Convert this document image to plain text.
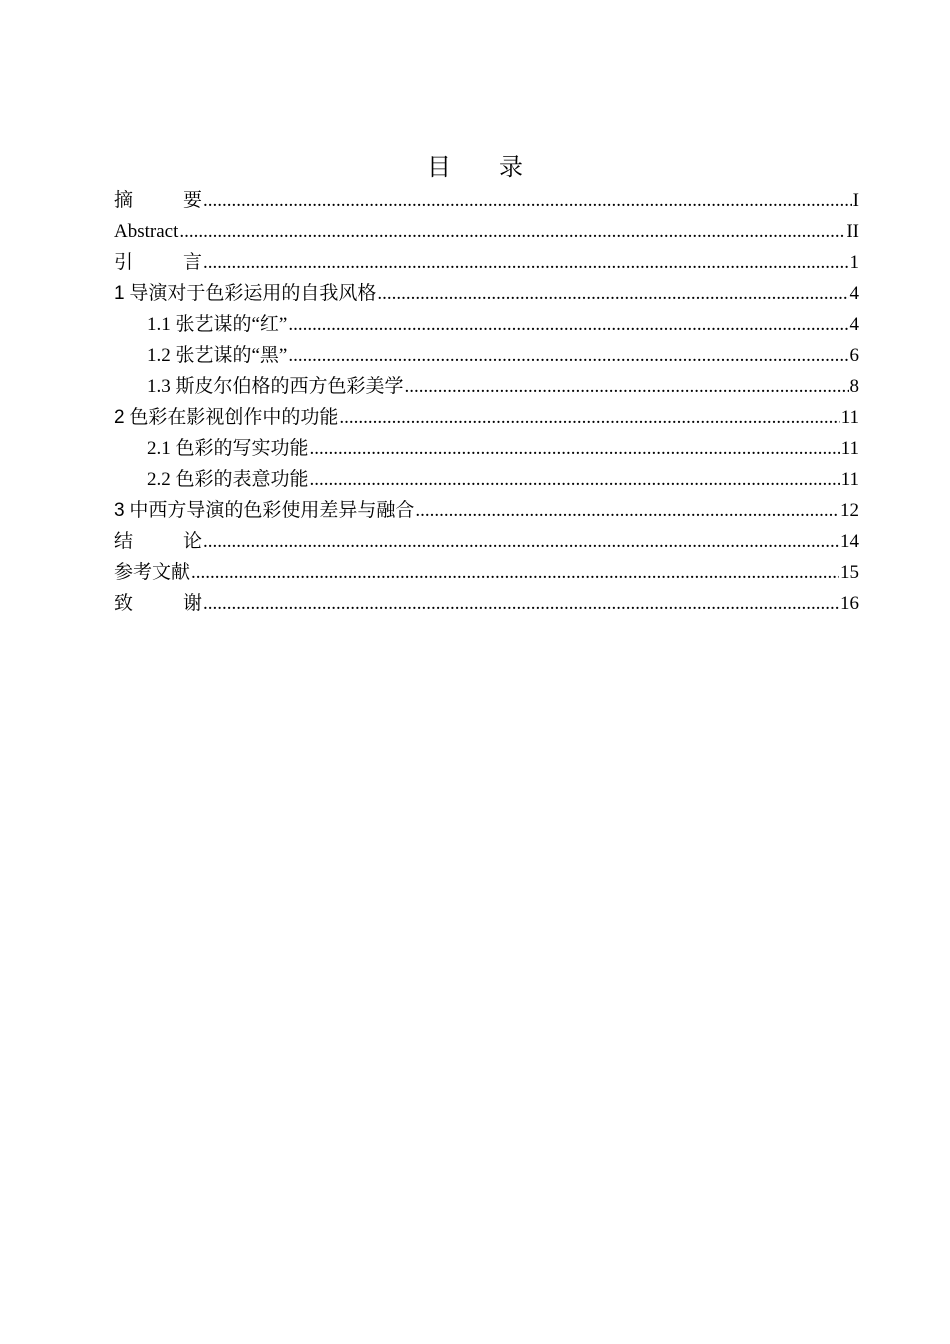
目 录
摘	要 .....	I
Abstract .....	II
引	言 .....	1
1 导演对于色彩运用的自我风格 .....	4
1.1 张艺谋的“红” .....	4
1.2 张艺谋的“黑” .....	6
1.3 斯皮尔伯格的西方色彩美学 .....	8
2 色彩在影视创作中的功能 .....	11
2.1 色彩的写实功能 .....	11
2.2 色彩的表意功能 .....	11
3 中西方导演的色彩使用差异与融合 .....	12
结	论 .....	14
参考文献 .....	15
致	谢 .....	16
